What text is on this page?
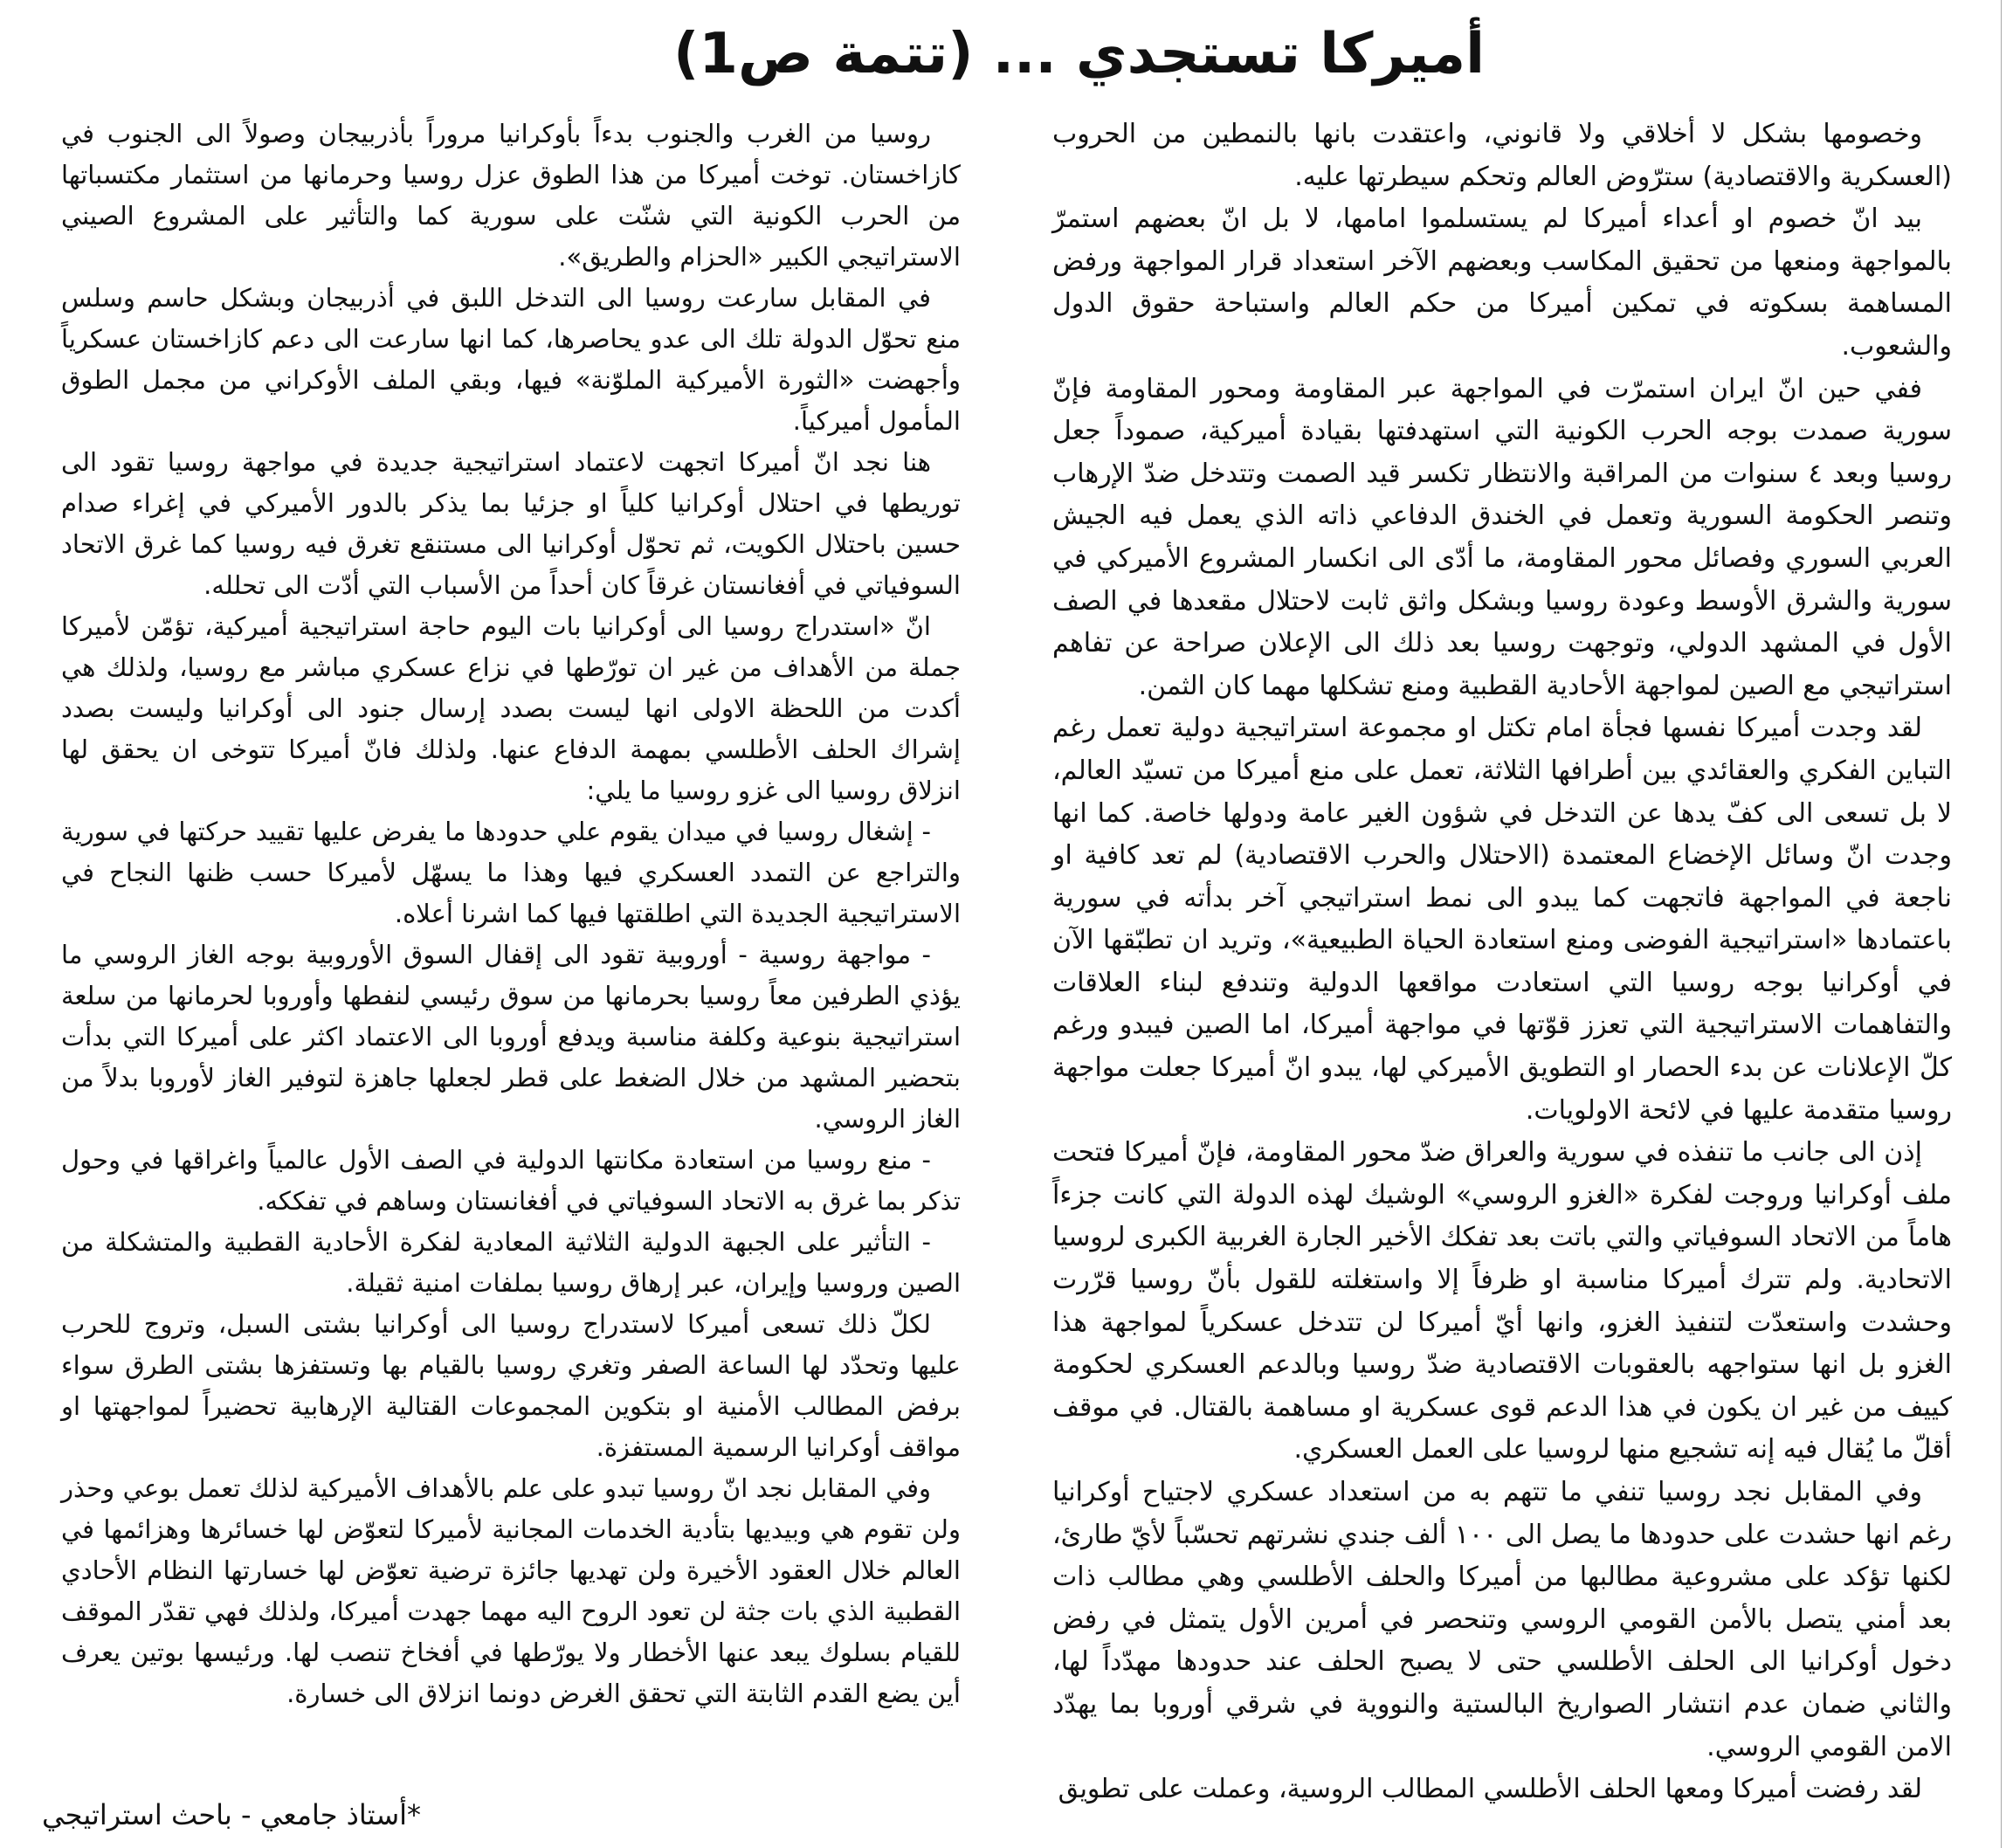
أميركا تستجدي ... (تتمة ص1)

وخصومها بشكل لا أخلاقي ولا قانوني، واعتقدت بانها بالنمطين من الحروب (العسكرية والاقتصادية) سترّوض العالم وتحكم سيطرتها عليه.

بيد انّ خصوم او أعداء أميركا لم يستسلموا امامها، لا بل انّ بعضهم استمرّ بالمواجهة ومنعها من تحقيق المكاسب وبعضهم الآخر استعداد قرار المواجهة ورفض المساهمة بسكوته في تمكين أميركا من حكم العالم واستباحة حقوق الدول والشعوب.

ففي حين انّ ايران استمرّت في المواجهة عبر المقاومة ومحور المقاومة فإنّ سورية صمدت بوجه الحرب الكونية التي استهدفتها بقيادة أميركية، صموداً جعل روسيا وبعد ٤ سنوات من المراقبة والانتظار تكسر قيد الصمت وتتدخل ضدّ الإرهاب وتنصر الحكومة السورية وتعمل في الخندق الدفاعي ذاته الذي يعمل فيه الجيش العربي السوري وفصائل محور المقاومة، ما أدّى الى انكسار المشروع الأميركي في سورية والشرق الأوسط وعودة روسيا وبشكل واثق ثابت لاحتلال مقعدها في الصف الأول في المشهد الدولي، وتوجهت روسيا بعد ذلك الى الإعلان صراحة عن تفاهم استراتيجي مع الصين لمواجهة الأحادية القطبية ومنع تشكلها مهما كان الثمن.

لقد وجدت أميركا نفسها فجأة امام تكتل او مجموعة استراتيجية دولية تعمل رغم التباين الفكري والعقائدي بين أطرافها الثلاثة، تعمل على منع أميركا من تسيّد العالم، لا بل تسعى الى كفّ يدها عن التدخل في شؤون الغير عامة ودولها خاصة. كما انها وجدت انّ وسائل الإخضاع المعتمدة (الاحتلال والحرب الاقتصادية) لم تعد كافية او ناجعة في المواجهة فاتجهت كما يبدو الى نمط استراتيجي آخر بدأته في سورية باعتمادها «استراتيجية الفوضى ومنع استعادة الحياة الطبيعية»، وتريد ان تطبّقها الآن في أوكرانيا بوجه روسيا التي استعادت مواقعها الدولية وتندفع لبناء العلاقات والتفاهمات الاستراتيجية التي تعزز قوّتها في مواجهة أميركا، اما الصين فيبدو ورغم كلّ الإعلانات عن بدء الحصار او التطويق الأميركي لها، يبدو انّ أميركا جعلت مواجهة روسيا متقدمة عليها في لائحة الاولويات.

إذن الى جانب ما تنفذه في سورية والعراق ضدّ محور المقاومة، فإنّ أميركا فتحت ملف أوكرانيا وروجت لفكرة «الغزو الروسي» الوشيك لهذه الدولة التي كانت جزءاً هاماً من الاتحاد السوفياتي والتي باتت بعد تفكك الأخير الجارة الغربية الكبرى لروسيا الاتحادية. ولم تترك أميركا مناسبة او ظرفاً إلا واستغلته للقول بأنّ روسيا قرّرت وحشدت واستعدّت لتنفيذ الغزو، وانها أيّ أميركا لن تتدخل عسكرياً لمواجهة هذا الغزو بل انها ستواجهه بالعقوبات الاقتصادية ضدّ روسيا وبالدعم العسكري لحكومة كييف من غير ان يكون في هذا الدعم قوى عسكرية او مساهمة بالقتال. في موقف أقلّ ما يُقال فيه إنه تشجيع منها لروسيا على العمل العسكري.

وفي المقابل نجد روسيا تنفي ما تتهم به من استعداد عسكري لاجتياح أوكرانيا رغم انها حشدت على حدودها ما يصل الى ١٠٠ ألف جندي نشرتهم تحسّباً لأيّ طارئ، لكنها تؤكد على مشروعية مطالبها من أميركا والحلف الأطلسي وهي مطالب ذات بعد أمني يتصل بالأمن القومي الروسي وتنحصر في أمرين الأول يتمثل في رفض دخول أوكرانيا الى الحلف الأطلسي حتى لا يصبح الحلف عند حدودها مهدّداً لها، والثاني ضمان عدم انتشار الصواريخ البالستية والنووية في شرقي أوروبا بما يهدّد الامن القومي الروسي.

لقد رفضت أميركا ومعها الحلف الأطلسي المطالب الروسية، وعملت على تطويق

روسيا من الغرب والجنوب بدءاً بأوكرانيا مروراً بأذربيجان وصولاً الى الجنوب في كازاخستان. توخت أميركا من هذا الطوق عزل روسيا وحرمانها من استثمار مكتسباتها من الحرب الكونية التي شنّت على سورية كما والتأثير على المشروع الصيني الاستراتيجي الكبير «الحزام والطريق».

في المقابل سارعت روسيا الى التدخل اللبق في أذربيجان وبشكل حاسم وسلس منع تحوّل الدولة تلك الى عدو يحاصرها، كما انها سارعت الى دعم كازاخستان عسكرياً وأجهضت «الثورة الأميركية الملوّنة» فيها، وبقي الملف الأوكراني من مجمل الطوق المأمول أميركياً.

هنا نجد انّ أميركا اتجهت لاعتماد استراتيجية جديدة في مواجهة روسيا تقود الى توريطها في احتلال أوكرانيا كلياً او جزئيا بما يذكر بالدور الأميركي في إغراء صدام حسين باحتلال الكويت، ثم تحوّل أوكرانيا الى مستنقع تغرق فيه روسيا كما غرق الاتحاد السوفياتي في أفغانستان غرقاً كان أحداً من الأسباب التي أدّت الى تحلله.

انّ «استدراج روسيا الى أوكرانيا بات اليوم حاجة استراتيجية أميركية، تؤمّن لأميركا جملة من الأهداف من غير ان تورّطها في نزاع عسكري مباشر مع روسيا، ولذلك هي أكدت من اللحظة الاولى انها ليست بصدد إرسال جنود الى أوكرانيا وليست بصدد إشراك الحلف الأطلسي بمهمة الدفاع عنها. ولذلك فانّ أميركا تتوخى ان يحقق لها انزلاق روسيا الى غزو روسيا ما يلي:

- إشغال روسيا في ميدان يقوم علي حدودها ما يفرض عليها تقييد حركتها في سورية والتراجع عن التمدد العسكري فيها وهذا ما يسهّل لأميركا حسب ظنها النجاح في الاستراتيجية الجديدة التي اطلقتها فيها كما اشرنا أعلاه.

- مواجهة روسية - أوروبية تقود الى إقفال السوق الأوروبية بوجه الغاز الروسي ما يؤذي الطرفين معاً روسيا بحرمانها من سوق رئيسي لنفطها وأوروبا لحرمانها من سلعة استراتيجية بنوعية وكلفة مناسبة ويدفع أوروبا الى الاعتماد اكثر على أميركا التي بدأت بتحضير المشهد من خلال الضغط على قطر لجعلها جاهزة لتوفير الغاز لأوروبا بدلاً من الغاز الروسي.

- منع روسيا من استعادة مكانتها الدولية في الصف الأول عالمياً واغراقها في وحول تذكر بما غرق به الاتحاد السوفياتي في أفغانستان وساهم في تفككه.

- التأثير على الجبهة الدولية الثلاثية المعادية لفكرة الأحادية القطبية والمتشكلة من الصين وروسيا وإيران، عبر إرهاق روسيا بملفات امنية ثقيلة.

لكلّ ذلك تسعى أميركا لاستدراج روسيا الى أوكرانيا بشتى السبل، وتروج للحرب عليها وتحدّد لها الساعة الصفر وتغري روسيا بالقيام بها وتستفزها بشتى الطرق سواء برفض المطالب الأمنية او بتكوين المجموعات القتالية الإرهابية تحضيراً لمواجهتها او مواقف أوكرانيا الرسمية المستفزة.

وفي المقابل نجد انّ روسيا تبدو على علم بالأهداف الأميركية لذلك تعمل بوعي وحذر ولن تقوم هي وبيديها بتأدية الخدمات المجانية لأميركا لتعوّض لها خسائرها وهزائمها في العالم خلال العقود الأخيرة ولن تهديها جائزة ترضية تعوّض لها خسارتها النظام الأحادي القطبية الذي بات جثة لن تعود الروح اليه مهما جهدت أميركا، ولذلك فهي تقدّر الموقف للقيام بسلوك يبعد عنها الأخطار ولا يورّطها في أفخاخ تنصب لها. ورئيسها بوتين يعرف أين يضع القدم الثابتة التي تحقق الغرض دونما انزلاق الى خسارة.

*أستاذ جامعي - باحث استراتيجي
